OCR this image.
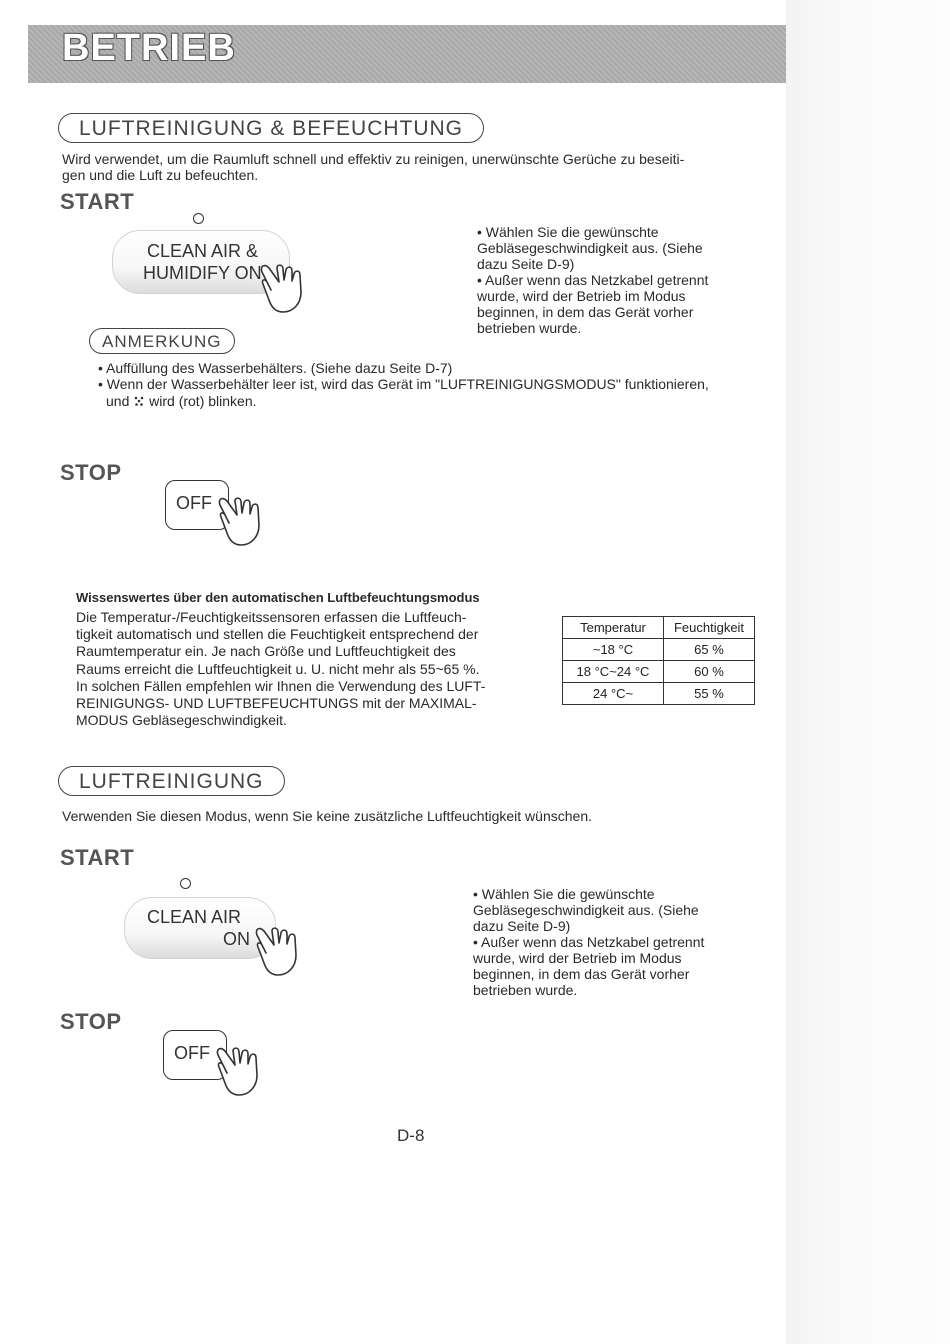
BETRIEB
LUFTREINIGUNG & BEFEUCHTUNG
Wird verwendet, um die Raumluft schnell und effektiv zu reinigen, unerwünschte Gerüche zu beseiti-
gen und die Luft zu befeuchten.
START
CLEAN AIR &
HUMIDIFY ON
• Wählen Sie die gewünschte
Gebläsegeschwindigkeit aus. (Siehe
dazu Seite D-9)
• Außer wenn das Netzkabel getrennt
wurde, wird der Betrieb im Modus
beginnen, in dem das Gerät vorher
betrieben wurde.
ANMERKUNG
• Auffüllung des Wasserbehälters. (Siehe dazu Seite D-7)
• Wenn der Wasserbehälter leer ist, wird das Gerät im "LUFTREINIGUNGSMODUS" funktionieren,
und wird (rot) blinken.
STOP
OFF
Wissenswertes über den automatischen Luftbefeuchtungsmodus
Die Temperatur-/Feuchtigkeitssensoren erfassen die Luftfeuch-
tigkeit automatisch und stellen die Feuchtigkeit entsprechend der
Raumtemperatur ein. Je nach Größe und Luftfeuchtigkeit des
Raums erreicht die Luftfeuchtigkeit u. U. nicht mehr als 55~65 %.
In solchen Fällen empfehlen wir Ihnen die Verwendung des LUFT-
REINIGUNGS- UND LUFTBEFEUCHTUNGS mit der MAXIMAL-
MODUS Gebläsegeschwindigkeit.
Temperatur	Feuchtigkeit
~18 °C	65 %
18 °C~24 °C	60 %
24 °C~	55 %
LUFTREINIGUNG
Verwenden Sie diesen Modus, wenn Sie keine zusätzliche Luftfeuchtigkeit wünschen.
START
CLEAN AIR
ON
• Wählen Sie die gewünschte
Gebläsegeschwindigkeit aus. (Siehe
dazu Seite D-9)
• Außer wenn das Netzkabel getrennt
wurde, wird der Betrieb im Modus
beginnen, in dem das Gerät vorher
betrieben wurde.
STOP
OFF
D-8
